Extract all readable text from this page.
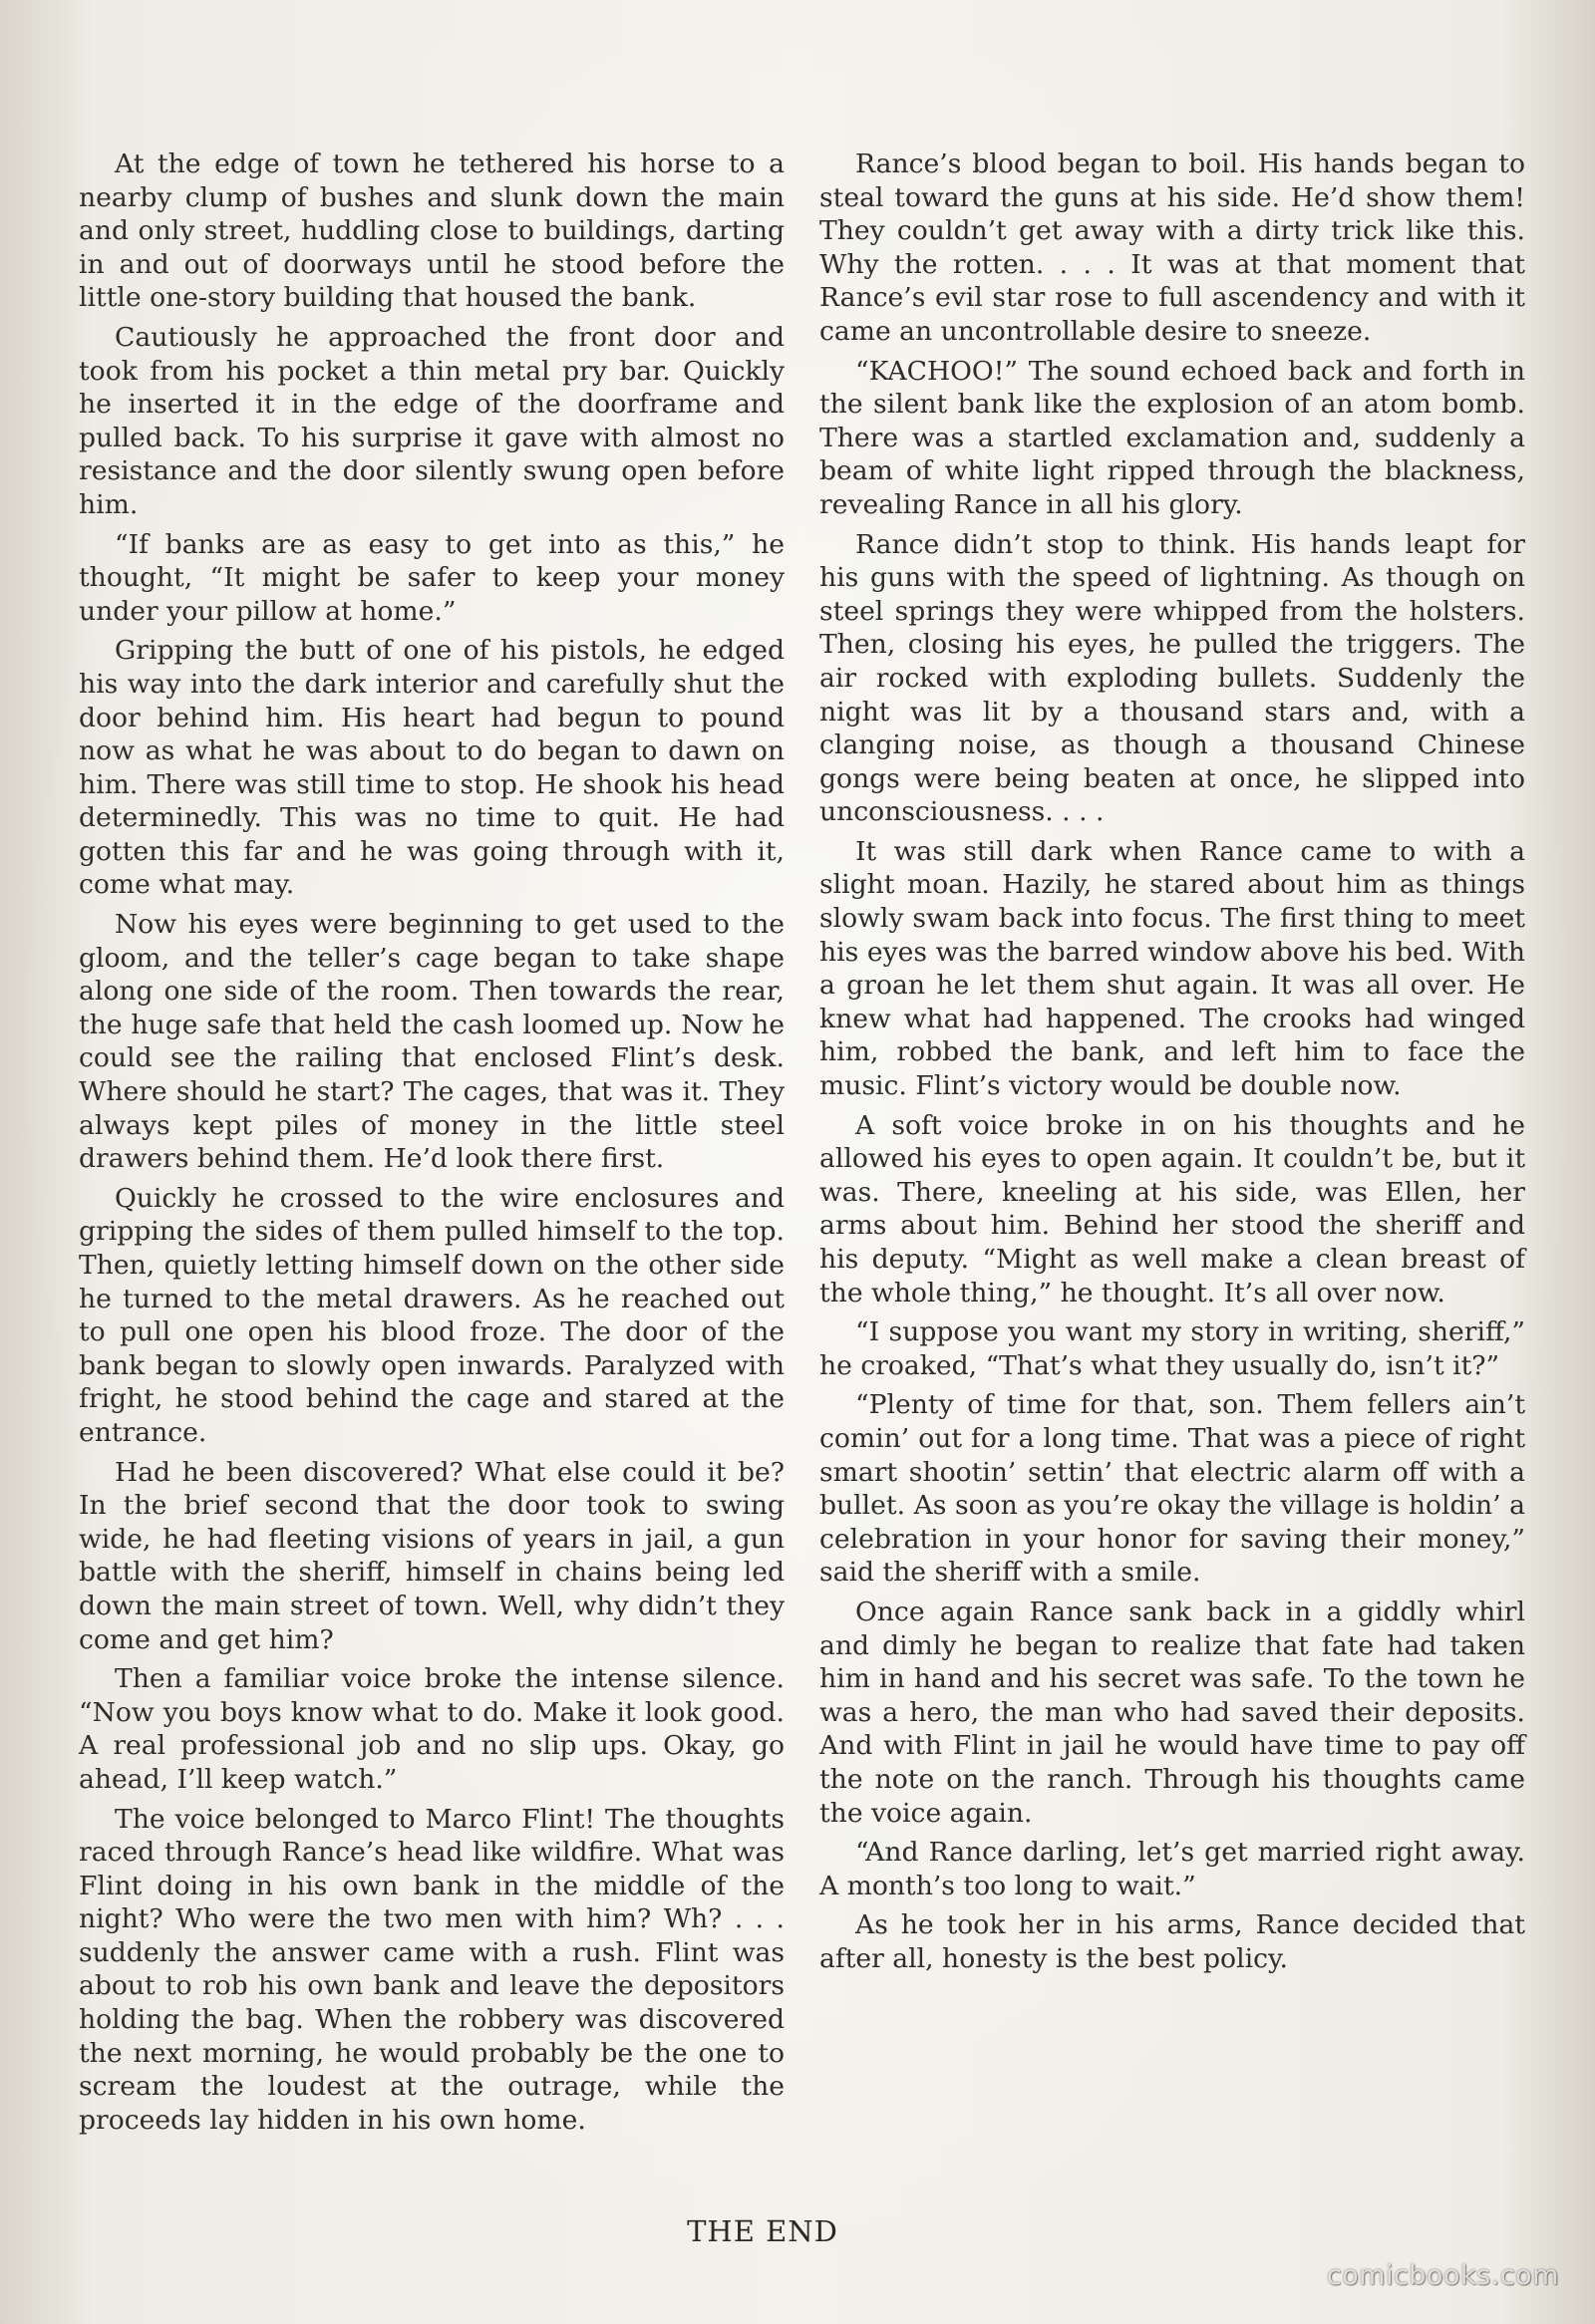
At the edge of town he tethered his horse to a nearby clump of bushes and slunk down the main and only street, huddling close to buildings, darting in and out of doorways until he stood before the little one-story building that housed the bank.

Cautiously he approached the front door and took from his pocket a thin metal pry bar. Quickly he inserted it in the edge of the doorframe and pulled back. To his surprise it gave with almost no resistance and the door silently swung open before him.

“If banks are as easy to get into as this,” he thought, “It might be safer to keep your money under your pillow at home.”

Gripping the butt of one of his pistols, he edged his way into the dark interior and carefully shut the door behind him. His heart had begun to pound now as what he was about to do began to dawn on him. There was still time to stop. He shook his head determinedly. This was no time to quit. He had gotten this far and he was going through with it, come what may.

Now his eyes were beginning to get used to the gloom, and the teller’s cage began to take shape along one side of the room. Then towards the rear, the huge safe that held the cash loomed up. Now he could see the railing that enclosed Flint’s desk. Where should he start? The cages, that was it. They always kept piles of money in the little steel drawers behind them. He’d look there first.

Quickly he crossed to the wire enclosures and gripping the sides of them pulled himself to the top. Then, quietly letting himself down on the other side he turned to the metal drawers. As he reached out to pull one open his blood froze. The door of the bank began to slowly open inwards. Paralyzed with fright, he stood behind the cage and stared at the entrance.

Had he been discovered? What else could it be? In the brief second that the door took to swing wide, he had fleeting visions of years in jail, a gun battle with the sheriff, himself in chains being led down the main street of town. Well, why didn’t they come and get him?

Then a familiar voice broke the intense silence. “Now you boys know what to do. Make it look good. A real professional job and no slip ups. Okay, go ahead, I’ll keep watch.”

The voice belonged to Marco Flint! The thoughts raced through Rance’s head like wildfire. What was Flint doing in his own bank in the middle of the night? Who were the two men with him? Wh? . . . suddenly the answer came with a rush. Flint was about to rob his own bank and leave the depositors holding the bag. When the robbery was discovered the next morning, he would probably be the one to scream the loudest at the outrage, while the proceeds lay hidden in his own home.

Rance’s blood began to boil. His hands began to steal toward the guns at his side. He’d show them! They couldn’t get away with a dirty trick like this. Why the rotten. . . . It was at that moment that Rance’s evil star rose to full ascendency and with it came an uncontrollable desire to sneeze.

“KACHOO!” The sound echoed back and forth in the silent bank like the explosion of an atom bomb. There was a startled exclamation and, suddenly a beam of white light ripped through the blackness, revealing Rance in all his glory.

Rance didn’t stop to think. His hands leapt for his guns with the speed of lightning. As though on steel springs they were whipped from the holsters. Then, closing his eyes, he pulled the triggers. The air rocked with exploding bullets. Suddenly the night was lit by a thousand stars and, with a clanging noise, as though a thousand Chinese gongs were being beaten at once, he slipped into unconsciousness. . . .

It was still dark when Rance came to with a slight moan. Hazily, he stared about him as things slowly swam back into focus. The first thing to meet his eyes was the barred window above his bed. With a groan he let them shut again. It was all over. He knew what had happened. The crooks had winged him, robbed the bank, and left him to face the music. Flint’s victory would be double now.

A soft voice broke in on his thoughts and he allowed his eyes to open again. It couldn’t be, but it was. There, kneeling at his side, was Ellen, her arms about him. Behind her stood the sheriff and his deputy. “Might as well make a clean breast of the whole thing,” he thought. It’s all over now.

“I suppose you want my story in writing, sheriff,” he croaked, “That’s what they usually do, isn’t it?”

“Plenty of time for that, son. Them fellers ain’t comin’ out for a long time. That was a piece of right smart shootin’ settin’ that electric alarm off with a bullet. As soon as you’re okay the village is holdin’ a celebration in your honor for saving their money,” said the sheriff with a smile.

Once again Rance sank back in a giddly whirl and dimly he began to realize that fate had taken him in hand and his secret was safe. To the town he was a hero, the man who had saved their deposits. And with Flint in jail he would have time to pay off the note on the ranch. Through his thoughts came the voice again.

“And Rance darling, let’s get married right away. A month’s too long to wait.”

As he took her in his arms, Rance decided that after all, honesty is the best policy.

THE END
comicbooks.com
